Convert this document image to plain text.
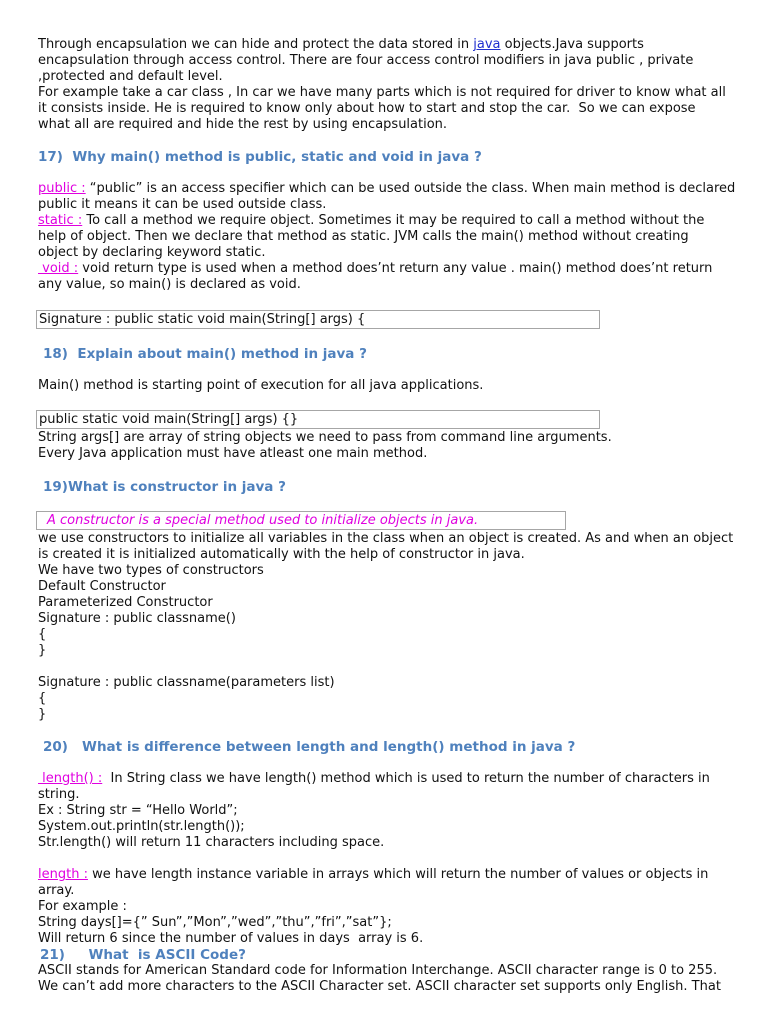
Through encapsulation we can hide and protect the data stored in java objects.Java supports
encapsulation through access control. There are four access control modifiers in java public , private
,protected and default level.
For example take a car class , In car we have many parts which is not required for driver to know what all
it consists inside. He is required to know only about how to start and stop the car.  So we can expose
what all are required and hide the rest by using encapsulation.
17)  Why main() method is public, static and void in java ?
public : “public” is an access specifier which can be used outside the class. When main method is declared
public it means it can be used outside class.
static : To call a method we require object. Sometimes it may be required to call a method without the
help of object. Then we declare that method as static. JVM calls the main() method without creating
object by declaring keyword static.
void : void return type is used when a method does’nt return any value . main() method does’nt return
any value, so main() is declared as void.
Signature : public static void main(String[] args) {
18)  Explain about main() method in java ?
Main() method is starting point of execution for all java applications.
public static void main(String[] args) {}
String args[] are array of string objects we need to pass from command line arguments.
Every Java application must have atleast one main method.
19)What is constructor in java ?
A constructor is a special method used to initialize objects in java.
we use constructors to initialize all variables in the class when an object is created. As and when an object
is created it is initialized automatically with the help of constructor in java.
We have two types of constructors
Default Constructor
Parameterized Constructor
Signature : public classname()
{
}
Signature : public classname(parameters list)
{
}
20)   What is difference between length and length() method in java ?
length() :  In String class we have length() method which is used to return the number of characters in
string.
Ex : String str = “Hello World”;
System.out.println(str.length());
Str.length() will return 11 characters including space.
length : we have length instance variable in arrays which will return the number of values or objects in
array.
For example :
String days[]={” Sun”,”Mon”,”wed”,”thu”,”fri”,”sat”};
Will return 6 since the number of values in days  array is 6.
21)     What  is ASCII Code?
ASCII stands for American Standard code for Information Interchange. ASCII character range is 0 to 255.
We can’t add more characters to the ASCII Character set. ASCII character set supports only English. That
